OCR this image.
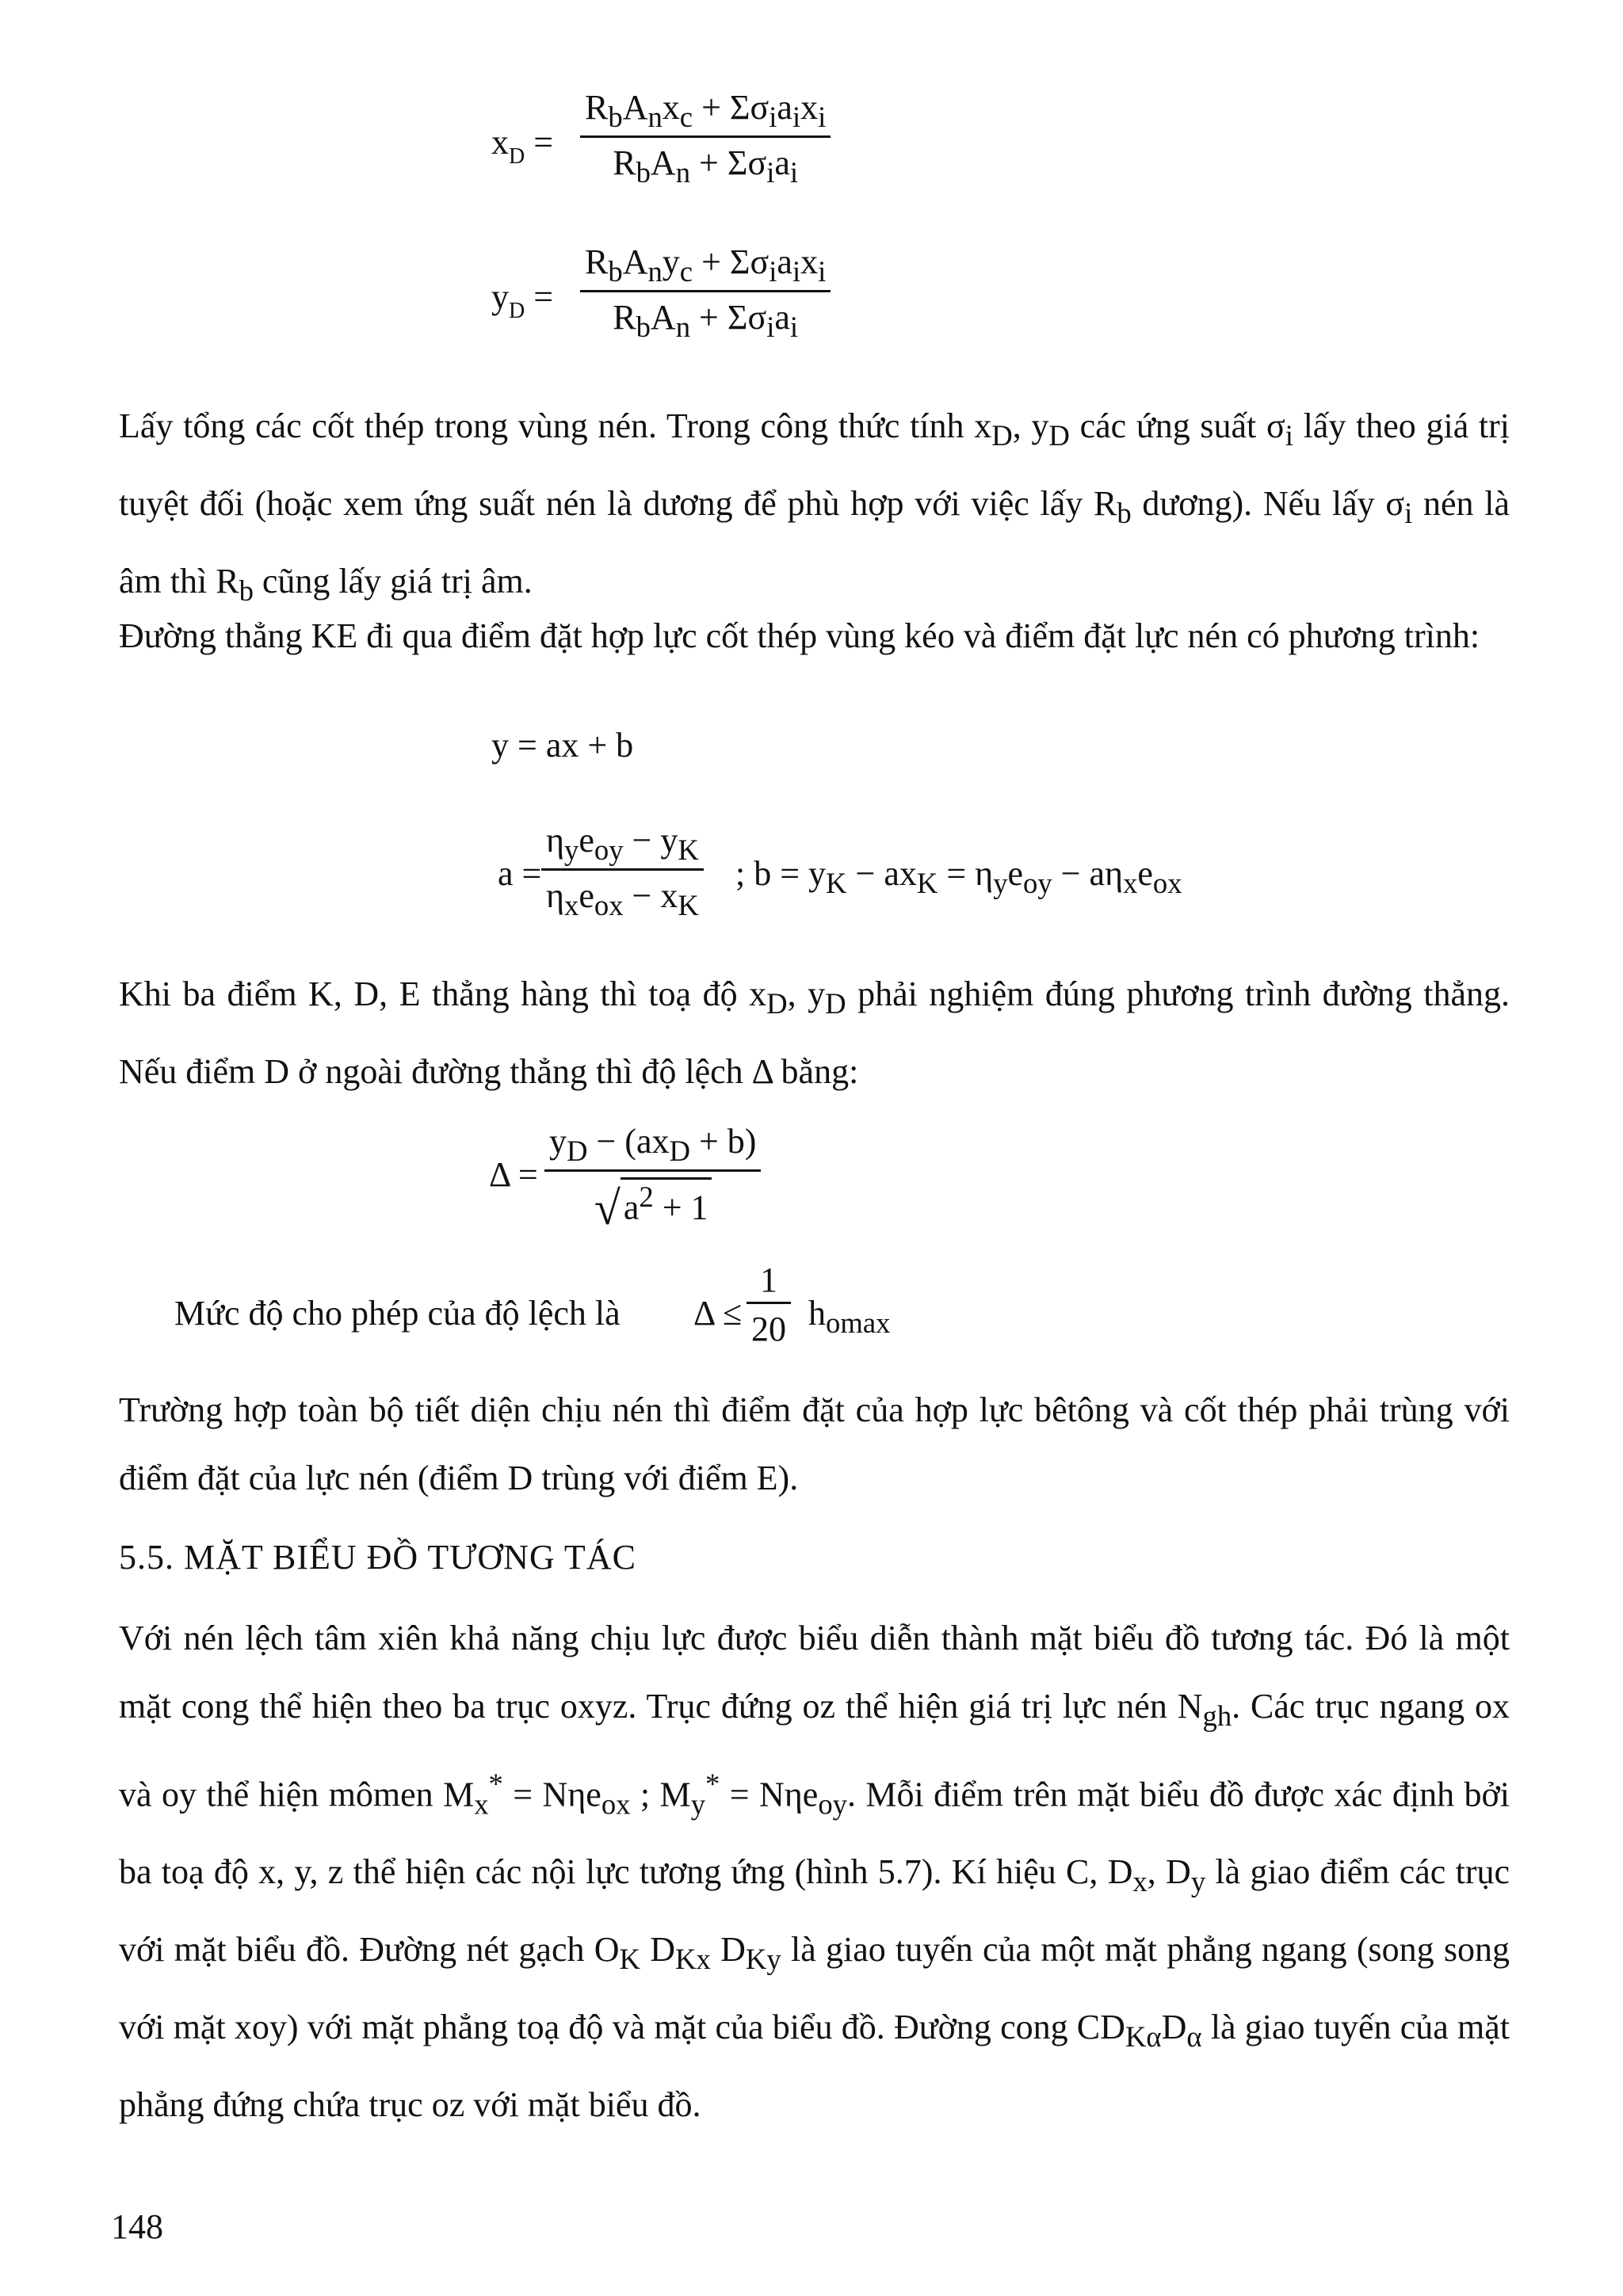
$x_D$ =
$R_bA_nx_c + \Sigma\sigma_ia_ix_i$
$R_bA_n + \Sigma\sigma_ia_i$
$y_D$ =
$R_bA_ny_c + \Sigma\sigma_ia_ix_i$
$R_bA_n + \Sigma\sigma_ia_i$

Lấy tổng các cốt thép trong vùng nén. Trong công thức tính $x_D$, $y_D$ các ứng suất $\sigma_i$ lấy theo giá trị tuyệt đối (hoặc xem ứng suất nén là dương để phù hợp với việc lấy $R_b$ dương). Nếu lấy $\sigma_i$ nén là âm thì $R_b$ cũng lấy giá trị âm.

Đường thẳng KE đi qua điểm đặt hợp lực cốt thép vùng kéo và điểm đặt lực nén có phương trình:

y = ax + b
a =
$\eta_ye_{oy} - y_K$
$\eta_xe_{ox} - x_K$
; $b = y_K - ax_K = \eta_ye_{oy} - a\eta_xe_{ox}$

Khi ba điểm K, D, E thẳng hàng thì toạ độ $x_D$, $y_D$ phải nghiệm đúng phương trình đường thẳng. Nếu điểm D ở ngoài đường thẳng thì độ lệch Δ bằng:

Δ =
$y_D - (ax_D + b)$
$√a^2 + 1$
Mức độ cho phép của độ lệch là Δ ≤
1
20 $h_{omax}$

Trường hợp toàn bộ tiết diện chịu nén thì điểm đặt của hợp lực bêtông và cốt thép phải trùng với điểm đặt của lực nén (điểm D trùng với điểm E).

5.5. MẶT BIỂU ĐỒ TƯƠNG TÁC

Với nén lệch tâm xiên khả năng chịu lực được biểu diễn thành mặt biểu đồ tương tác. Đó là một mặt cong thể hiện theo ba trục oxyz. Trục đứng oz thể hiện giá trị lực nén $N_{gh}$. Các trục ngang ox và oy thể hiện mômen $M_x^* = N\eta e_{ox}$ ; $M_y^* = N\eta e_{oy}$. Mỗi điểm trên mặt biểu đồ được xác định bởi ba toạ độ x, y, z thể hiện các nội lực tương ứng (hình 5.7). Kí hiệu C, $D_x$, $D_y$ là giao điểm các trục với mặt biểu đồ. Đường nét gạch $O_K$ $D_{Kx}$ $D_{Ky}$ là giao tuyến của một mặt phẳng ngang (song song với mặt xoy) với mặt phẳng toạ độ và mặt của biểu đồ. Đường cong $CD_{K\alpha}D_\alpha$ là giao tuyến của mặt phẳng đứng chứa trục oz với mặt biểu đồ.

148
